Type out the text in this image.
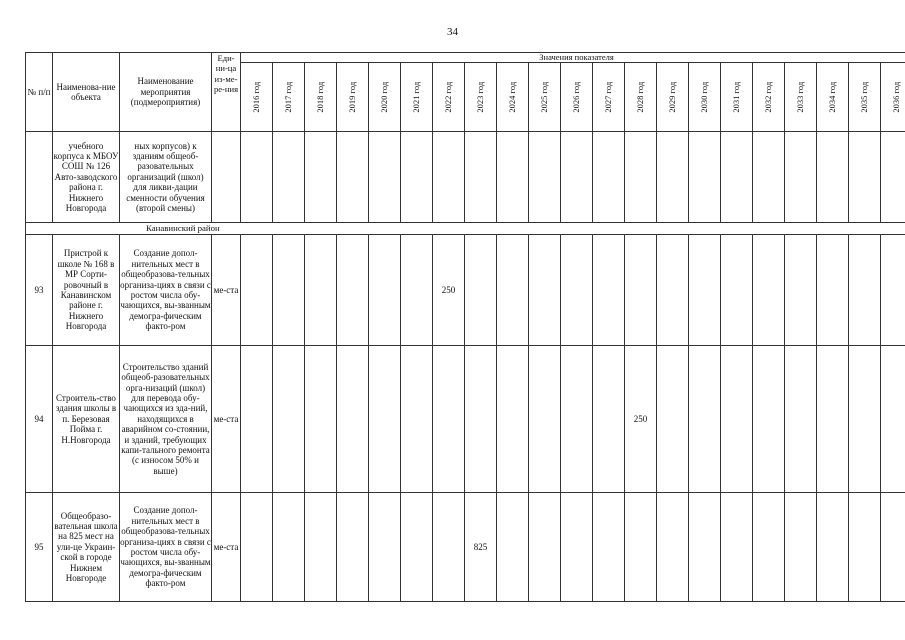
34
№ п/п	Наименова-ние объекта	Наименование мероприятия (подмероприятия)	Еди-ни-ца из-ме-ре-ния	Значения показателя																				
				2016 год	2017 год	2018 год	2019 год	2020 год	2021 год	2022 год	2023 год	2024 год	2025 год	2026 год	2027 год	2028 год	2029 год	2030 год	2031 год	2032 год	2033 год	2034 год	2035 год	2036 год
	учебного корпуса к МБОУ СОШ № 126 Авто-заводского района г. Нижнего Новгорода	ных корпусов) к зданиям общеоб-разовательных организаций (школ) для ликви-дации сменности обучения (второй смены)																						
Канавинский район																								
93	Пристрой к школе № 168 в МР Сорти-ровочный в Канавинском районе г. Нижнего Новгорода	Создание допол-нительных мест в общеобразова-тельных организа-циях в связи с ростом числа обу-чающихся, вы-званным демогра-фическим факто-ром	ме-ста							250														
94	Строитель-ство здания школы в п. Березовая Пойма г. Н.Новгорода	Строительство зданий общеоб-разовательных орга-низаций (школ) для перевода обу-чающихся из зда-ний, находящихся в аварийном со-стоянии, и зданий, требующих капи-тального ремонта (с износом 50% и выше)	ме-ста													250								
95	Общеобразо-вательная школа на 825 мест на ули-це Украин-ской в городе Нижнем Новгороде	Создание допол-нительных мест в общеобразова-тельных организа-циях в связи с ростом числа обу-чающихся, вы-званным демогра-фическим факто-ром	ме-ста								825													
